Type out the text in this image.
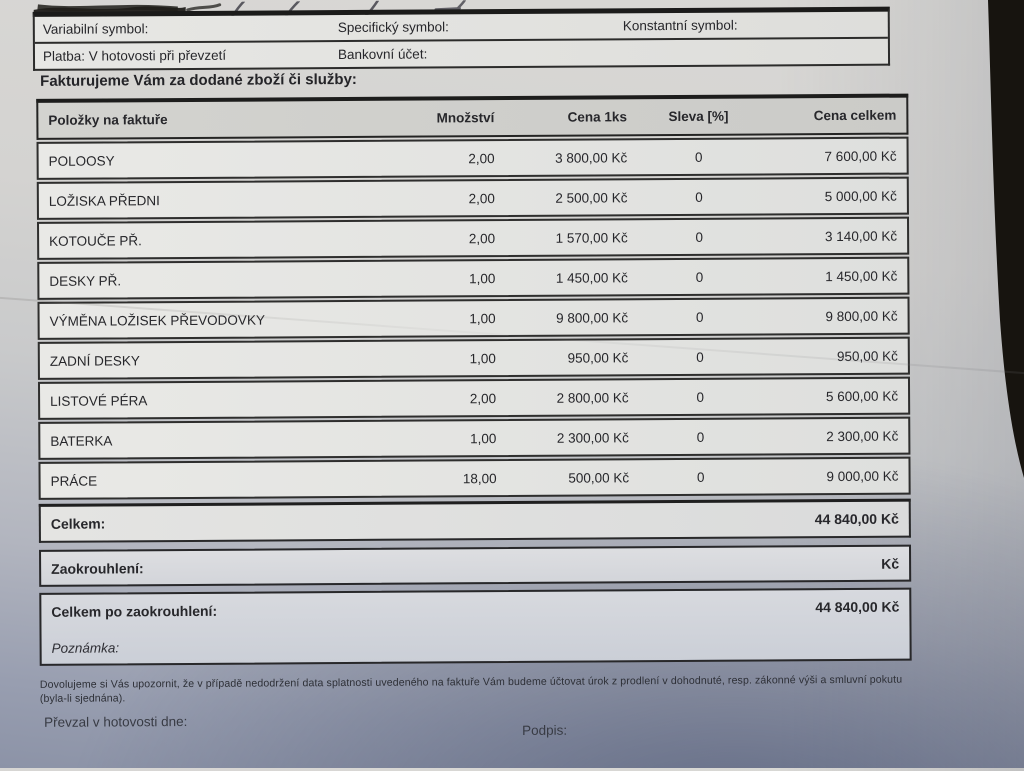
Variabilní symbol:	Specifický symbol:	Konstantní symbol:
Platba: V hotovosti při převzetí	Bankovní účet:
Fakturujeme Vám za dodané zboží či služby:
Položky na faktuře	Množství	Cena 1ks	Sleva [%]	Cena celkem
POLOOSY	2,00	3 800,00 Kč	0	7 600,00 Kč
LOŽISKA PŘEDNI	2,00	2 500,00 Kč	0	5 000,00 Kč
KOTOUČE PŘ.	2,00	1 570,00 Kč	0	3 140,00 Kč
DESKY PŘ.	1,00	1 450,00 Kč	0	1 450,00 Kč
VÝMĚNA LOŽISEK PŘEVODOVKY	1,00	9 800,00 Kč	0	9 800,00 Kč
ZADNÍ DESKY	1,00	950,00 Kč	0	950,00 Kč
LISTOVÉ PÉRA	2,00	2 800,00 Kč	0	5 600,00 Kč
BATERKA	1,00	2 300,00 Kč	0	2 300,00 Kč
PRÁCE	18,00	500,00 Kč	0	9 000,00 Kč
Celkem:	44 840,00 Kč
Zaokrouhlení:	Kč
Celkem po zaokrouhlení:	44 840,00 Kč
Poznámka:
Dovolujeme si Vás upozornit, že v případě nedodržení data splatnosti uvedeného na faktuře Vám budeme účtovat úrok z prodlení v dohodnuté, resp. zákonné výši a smluvní pokutu (byla-li sjednána).
Převzal v hotovosti dne:
Podpis:
